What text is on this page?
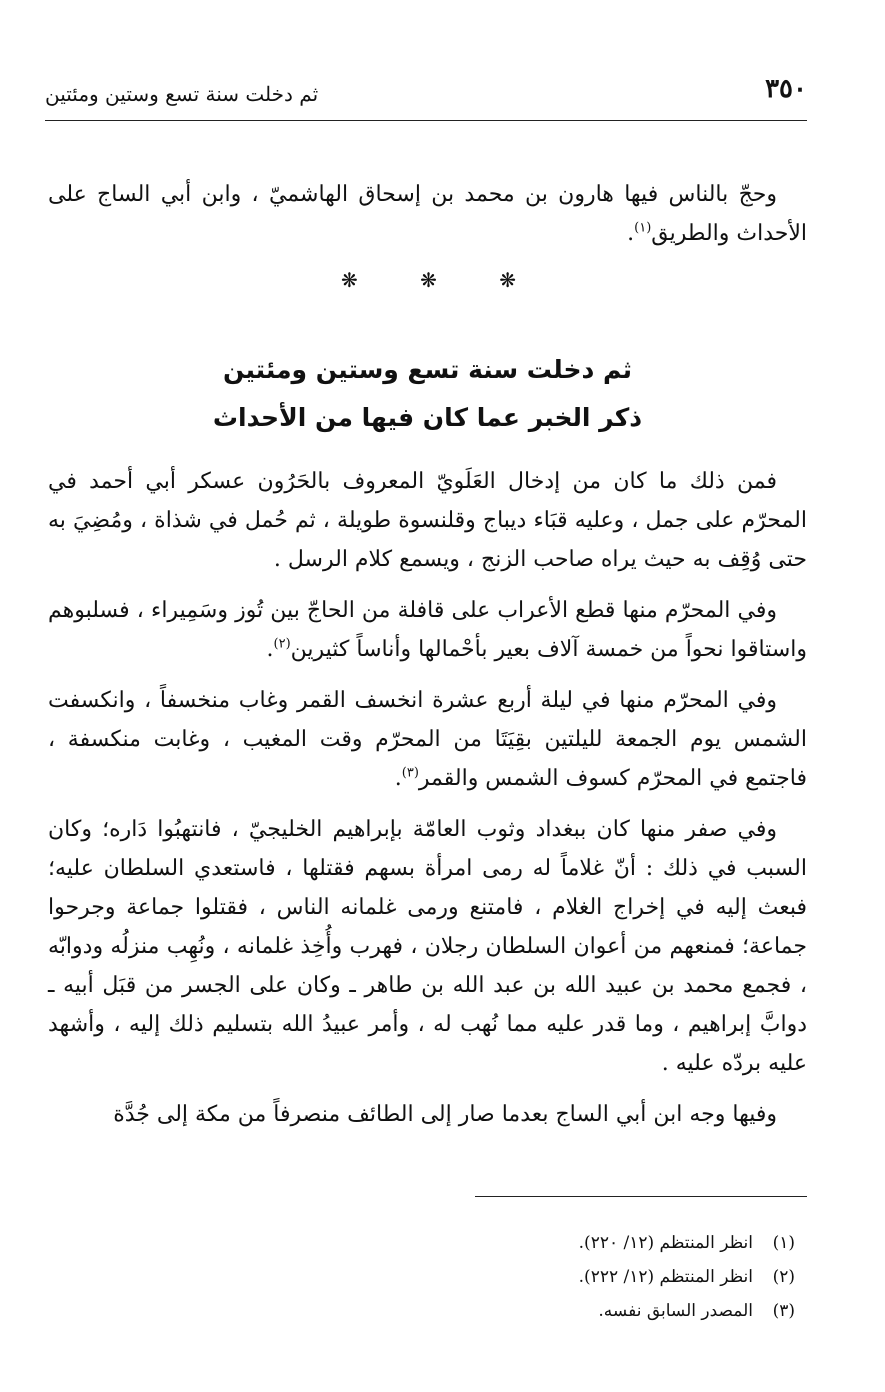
٣٥٠
ثم دخلت سنة تسع وستين ومئتين

وحجّ بالناس فيها هارون بن محمد بن إسحاق الهاشميّ ، وابن أبي الساج على الأحداث والطريق$^{(١)}$.

❋ ❋ ❋
ثم دخلت سنة تسع وستين ومئتين
ذكر الخبر عما كان فيها من الأحداث

فمن ذلك ما كان من إدخال العَلَويّ المعروف بالحَرُون عسكر أبي أحمد في المحرّم على جمل ، وعليه قبَاء ديباج وقلنسوة طويلة ، ثم حُمل في شذاة ، ومُضِيَ به حتى وُقِف به حيث يراه صاحب الزنج ، ويسمع كلام الرسل .

وفي المحرّم منها قطع الأعراب على قافلة من الحاجّ بين تُوز وسَمِيراء ، فسلبوهم واستاقوا نحواً من خمسة آلاف بعير بأحْمالها وأناساً كثيرين$^{(٢)}$.

وفي المحرّم منها في ليلة أربع عشرة انخسف القمر وغاب منخسفاً ، وانكسفت الشمس يوم الجمعة لليلتين بقِيَتَا من المحرّم وقت المغيب ، وغابت منكسفة ، فاجتمع في المحرّم كسوف الشمس والقمر$^{(٣)}$.

وفي صفر منها كان ببغداد وثوب العامّة بإبراهيم الخليجيّ ، فانتهبُوا دَاره؛ وكان السبب في ذلك : أنّ غلاماً له رمى امرأة بسهم فقتلها ، فاستعدي السلطان عليه؛ فبعث إليه في إخراج الغلام ، فامتنع ورمى غلمانه الناس ، فقتلوا جماعة وجرحوا جماعة؛ فمنعهم من أعوان السلطان رجلان ، فهرب وأُخِذ غلمانه ، ونُهِب منزلُه ودوابّه ، فجمع محمد بن عبيد الله بن عبد الله بن طاهر ـ وكان على الجسر من قبَل أبيه ـ دوابَّ إبراهيم ، وما قدر عليه مما نُهب له ، وأمر عبيدُ الله بتسليم ذلك إليه ، وأشهد عليه بردّه عليه .

وفيها وجه ابن أبي الساج بعدما صار إلى الطائف منصرفاً من مكة إلى جُدَّة

(١)انظر المنتظم (١٢/ ٢٢٠).
(٢)انظر المنتظم (١٢/ ٢٢٢).
(٣)المصدر السابق نفسه.
